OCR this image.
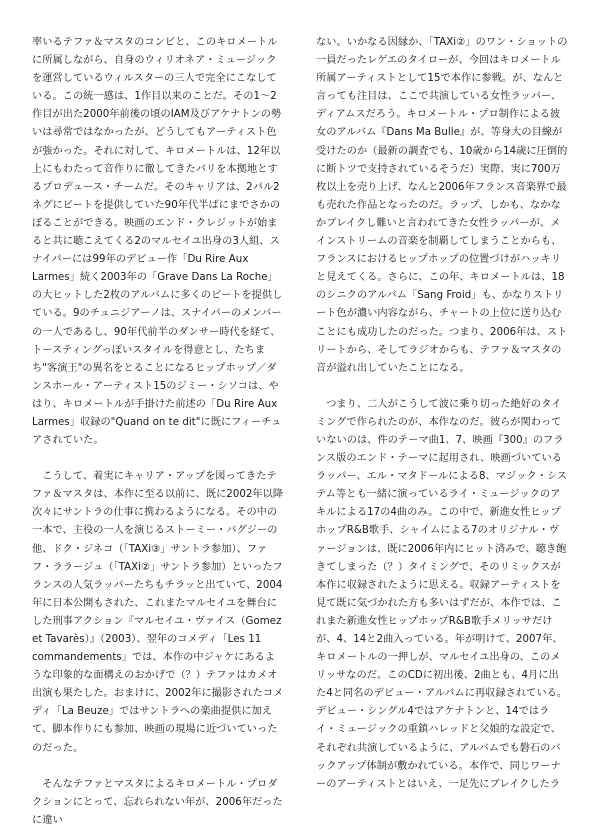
率いるテファ＆マスタのコンビと、このキロメートルに所属しながら、自身のウィリオネア・ミュージックを運営しているウィルスターの三人で完全にこなしている。この統一感は、1作目以来のことだ。その1～2作目が出た2000年前後の頃のIAM及びアケナトンの勢いは尋常ではなかったが、どうしてもアーティスト色が強かった。それに対して、キロメートルは、12年以上にもわたって音作りに徹してきたパリを本拠地とするプロデュース・チームだ。そのキャリアは、2パル2ネグにビートを提供していた90年代半ばにまでさかのぼることができる。映画のエンド・クレジットが始まると共に聴こえてくる2のマルセイユ出身の3人組、スナイパーには99年のデビュー作「Du Rire Aux Larmes」続く2003年の「Grave Dans La Roche」の大ヒットした2枚のアルバムに多くのビートを提供している。9のチュニジアーノは、スナイパーのメンバーの一人であるし、90年代前半のダンサー時代を経て、トースティングっぽいスタイルを得意とし、たちまち"客演王"の異名をとることになるヒップホップ／ダンスホール・アーティスト15のジミー・シソコは、やはり、キロメートルが手掛けた前述の「Du Rire Aux Larmes」収録の"Quand on te dit"に既にフィーチュアされていた。

こうして、着実にキャリア・アップを図ってきたテファ＆マスタは、本作に至る以前に、既に2002年以降次々にサントラの仕事に携わるようになる。その中の一本で、主役の一人を演じるストーミー・バグジーの他、ドク・ジネコ（「TAXi③」サントラ参加）、ファフ・ララージュ（「TAXi②」サントラ参加）といったフランスの人気ラッパーたちもチラッと出ていて、2004年に日本公開もされた、これまたマルセイユを舞台にした刑事アクション『マルセイユ・ヴァイス（Gomez et Tavarès）』（2003）、翌年のコメディ「Les 11 commandements」では、本作の中ジャケにあるような印象的な面構えのおかげで（？）テファはカメオ出演も果たした。おまけに、2002年に撮影されたコメディ「La Beuze」ではサントラへの楽曲提供に加えて、脚本作りにも参加、映画の現場に近づいていったのだった。

そんなテファとマスタによるキロメートル・プロダクションにとって、忘れられない年が、2006年だったに違い

ない。いかなる因縁か、「TAXi②」のワン・ショットの一員だったレゲエのタイローが、今回はキロメートル所属アーティストとして15で本作に参戦。が、なんと言っても注目は、ここで共演している女性ラッパー、ディアムスだろう。キロメートル・プロ制作による彼女のアルバム『Dans Ma Bulle』が、等身大の目線が受けたのか（最新の調査でも、10歳から14歳に圧倒的に断トツで支持されているそうだ）実際、実に700万枚以上を売り上げ、なんと2006年フランス音楽界で最も売れた作品となったのだ。ラップ、しかも、なかなかブレイクし難いと言われてきた女性ラッパーが、メインストリームの音楽を制覇してしまうことからも、フランスにおけるヒップホップの位置づけがハッキリと見えてくる。さらに、この年、キロメートルは、18のシニクのアルバム「Sang Froid」も、かなりストリート色が濃い内容ながら、チャートの上位に送り込むことにも成功したのだった。つまり、2006年は、ストリートから、そしてラジオからも、テファ＆マスタの音が溢れ出していたことになる。

つまり、二人がこうして波に乗り切った絶好のタイミングで作られたのが、本作なのだ。彼らが関わっていないのは、件のテーマ曲1、7、映画『300』のフランス版のエンド・テーマに起用され、映画づいているラッパー、エル・マタドールによる8、マジック・システム等とも一緒に演っているライ・ミュージックのアキルによる17の4曲のみ。この中で、新進女性ヒップホップR&B歌手、シャイムによる7のオリジナル・ヴァージョンは、既に2006年内にヒット済みで、聴き飽きてしまった（？）タイミングで、そのリミックスが本作に収録されたように思える。収録アーティストを見て既に気づかれた方も多いはずだが、本作では、これまた新進女性ヒップホップR&B歌手メリッサだけが、4、14と2曲入っている。年が明けて、2007年、キロメートルの一押しが、マルセイユ出身の、このメリッサなのだ。このCDに初出後、2曲とも、4月に出た4と同名のデビュー・アルバムに再収録されている。デビュー・シングル4ではアケナトンと、14ではライ・ミュージックの重鎮ハレッドと父娘的な設定で、それぞれ共演しているように、アルバムでも磐石のバックアップ体制が敷かれている。本作で、同じワーナーのアーティストとはいえ、一足先にブレイクしたラ
